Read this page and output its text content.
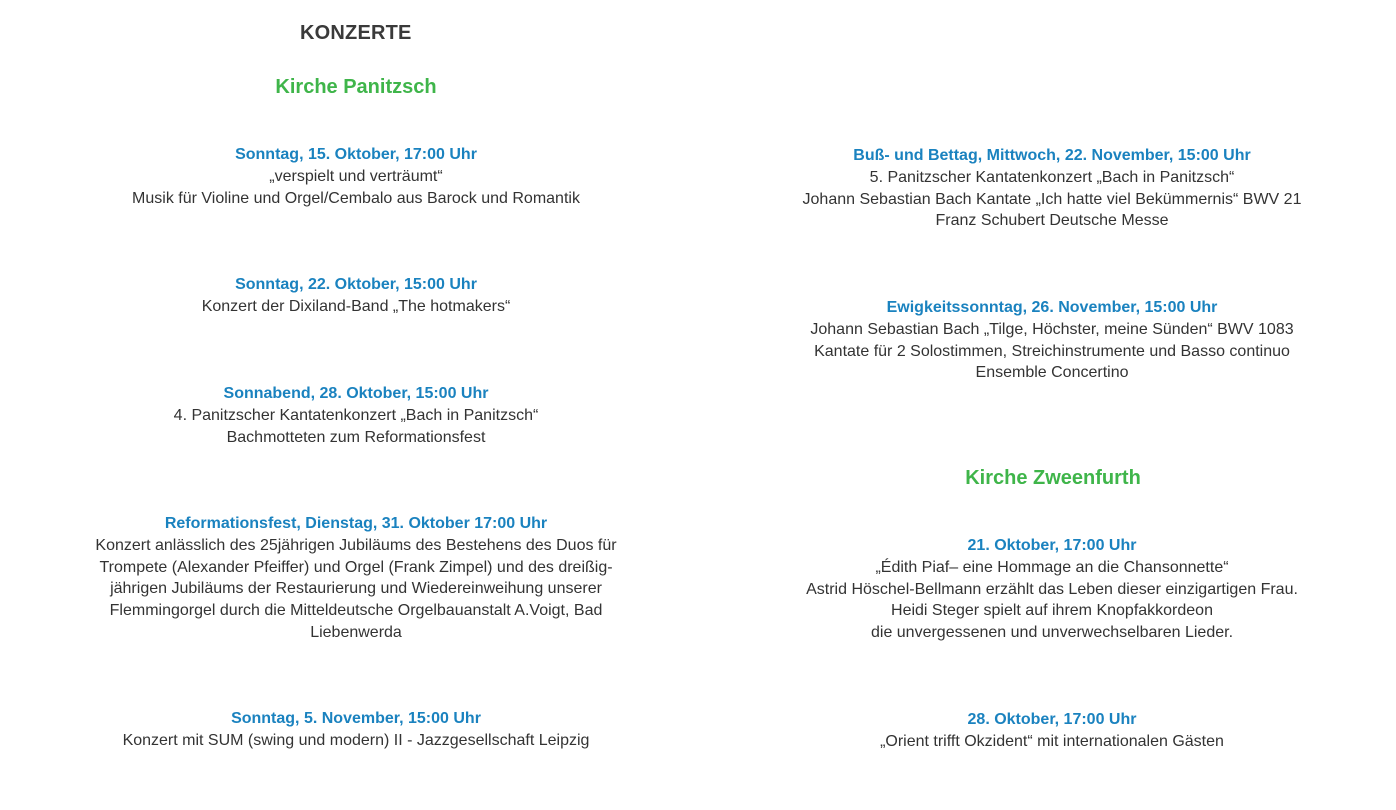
KONZERTE
Kirche Panitzsch
Kirche Zweenfurth
Sonntag, 15. Oktober, 17:00 Uhr
„verspielt und verträumt“
Musik für Violine und Orgel/Cembalo aus Barock und Romantik
Sonntag, 22. Oktober, 15:00 Uhr
Konzert der Dixiland-Band „The hotmakers“
Sonnabend, 28. Oktober, 15:00 Uhr
4. Panitzscher Kantatenkonzert „Bach in Panitzsch“
Bachmotteten zum Reformationsfest
Reformationsfest, Dienstag, 31. Oktober 17:00 Uhr
Konzert anlässlich des 25jährigen Jubiläums des Bestehens des Duos für
Trompete (Alexander Pfeiffer) und Orgel (Frank Zimpel) und des dreißig-
jährigen Jubiläums der Restaurierung und Wiedereinweihung unserer
Flemmingorgel durch die Mitteldeutsche Orgelbauanstalt A.Voigt, Bad
Liebenwerda
Sonntag, 5. November, 15:00 Uhr
Konzert mit SUM (swing und modern) II - Jazzgesellschaft Leipzig
Buß- und Bettag, Mittwoch, 22. November, 15:00 Uhr
5. Panitzscher Kantatenkonzert „Bach in Panitzsch“
Johann Sebastian Bach Kantate „Ich hatte viel Bekümmernis“ BWV 21
Franz Schubert Deutsche Messe
Ewigkeitssonntag, 26. November, 15:00 Uhr
Johann Sebastian Bach „Tilge, Höchster, meine Sünden“ BWV 1083
Kantate für 2 Solostimmen, Streichinstrumente und Basso continuo
Ensemble Concertino
21. Oktober, 17:00 Uhr
„Édith Piaf– eine Hommage an die Chansonnette“
Astrid Höschel-Bellmann erzählt das Leben dieser einzigartigen Frau.
Heidi Steger spielt auf ihrem Knopfakkordeon
die unvergessenen und unverwechselbaren Lieder.
28. Oktober, 17:00 Uhr
„Orient trifft Okzident“ mit internationalen Gästen
